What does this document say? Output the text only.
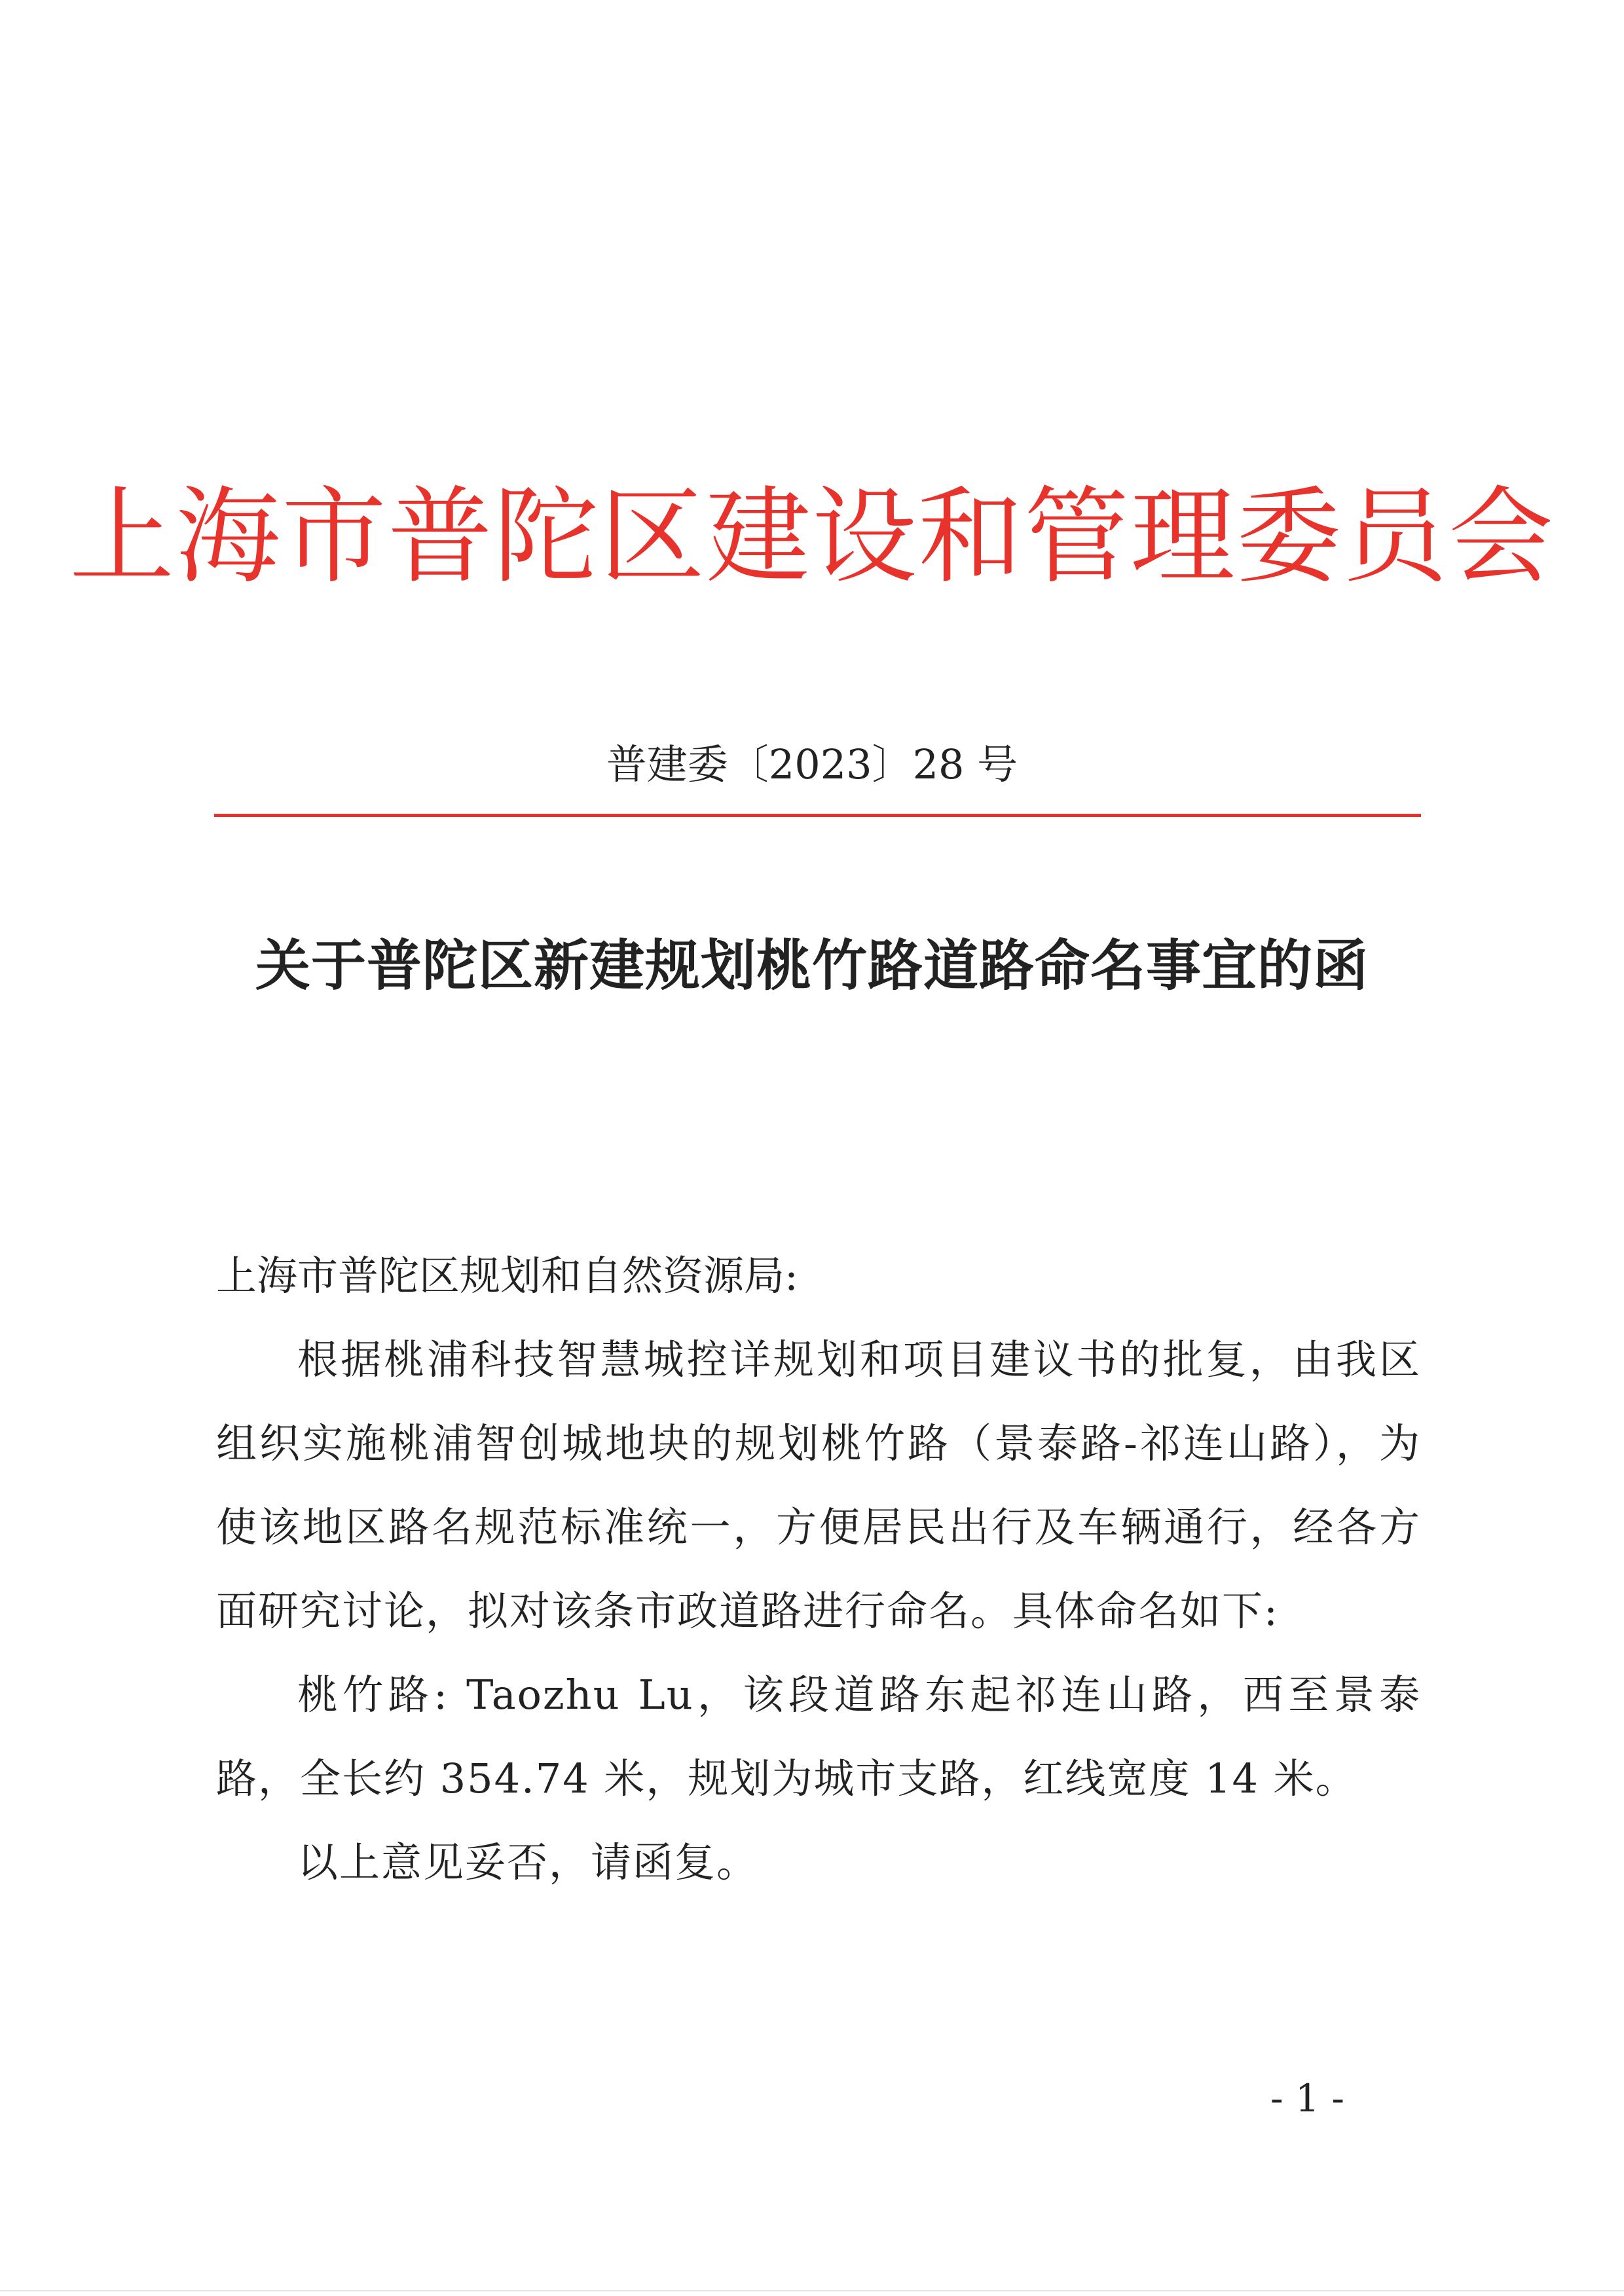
上海市普陀区建设和管理委员会
普建委〔2023〕28 号
关于普陀区新建规划桃竹路道路命名事宜的函

上海市普陀区规划和自然资源局:

根据桃浦科技智慧城控详规划和项目建议书的批复，由我区组织实施桃浦智创城地块的规划桃竹路（景泰路-祁连山路），为使该地区路名规范标准统一，方便居民出行及车辆通行，经各方面研究讨论，拟对该条市政道路进行命名。具体命名如下:

桃竹路: Taozhu Lu，该段道路东起祁连山路，西至景泰路，全长约 354.74 米，规划为城市支路，红线宽度 14 米。

以上意见妥否，请函复。

- 1 -
